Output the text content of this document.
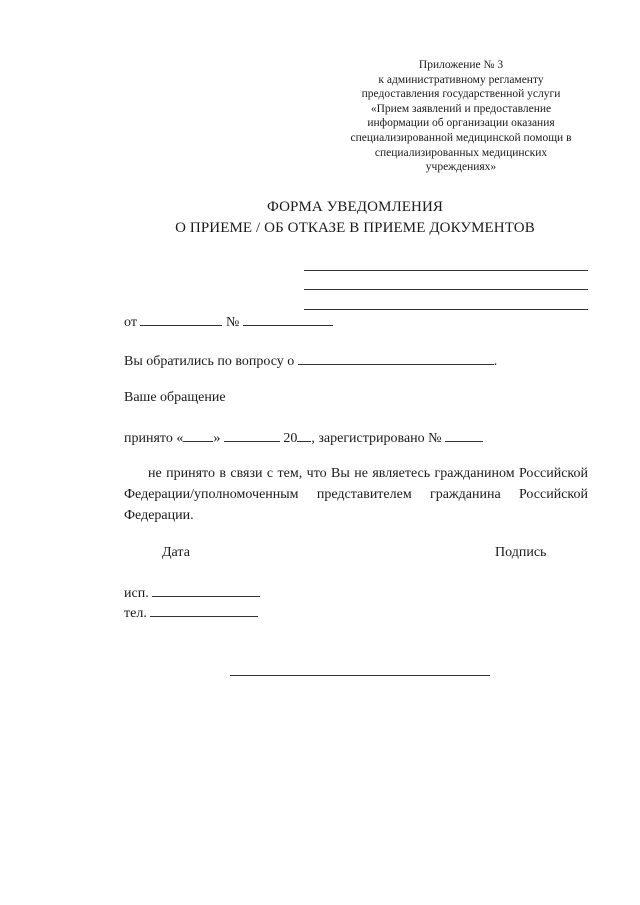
Приложение № 3
к административному регламенту
предоставления государственной услуги
«Прием заявлений и предоставление
информации об организации оказания
специализированной медицинской помощи в
специализированных медицинских
учреждениях»
ФОРМА УВЕДОМЛЕНИЯ
О ПРИЕМЕ / ОБ ОТКАЗЕ В ПРИЕМЕ ДОКУМЕНТОВ
от	№
Вы обратились по вопросу о	.
Ваше обращение
принято « »	20 , зарегистрировано №
не принято в связи с тем, что Вы не являетесь гражданином Российской Федерации/уполномоченным представителем гражданина Российской Федерации.
Дата	Подпись
исп.
тел.
